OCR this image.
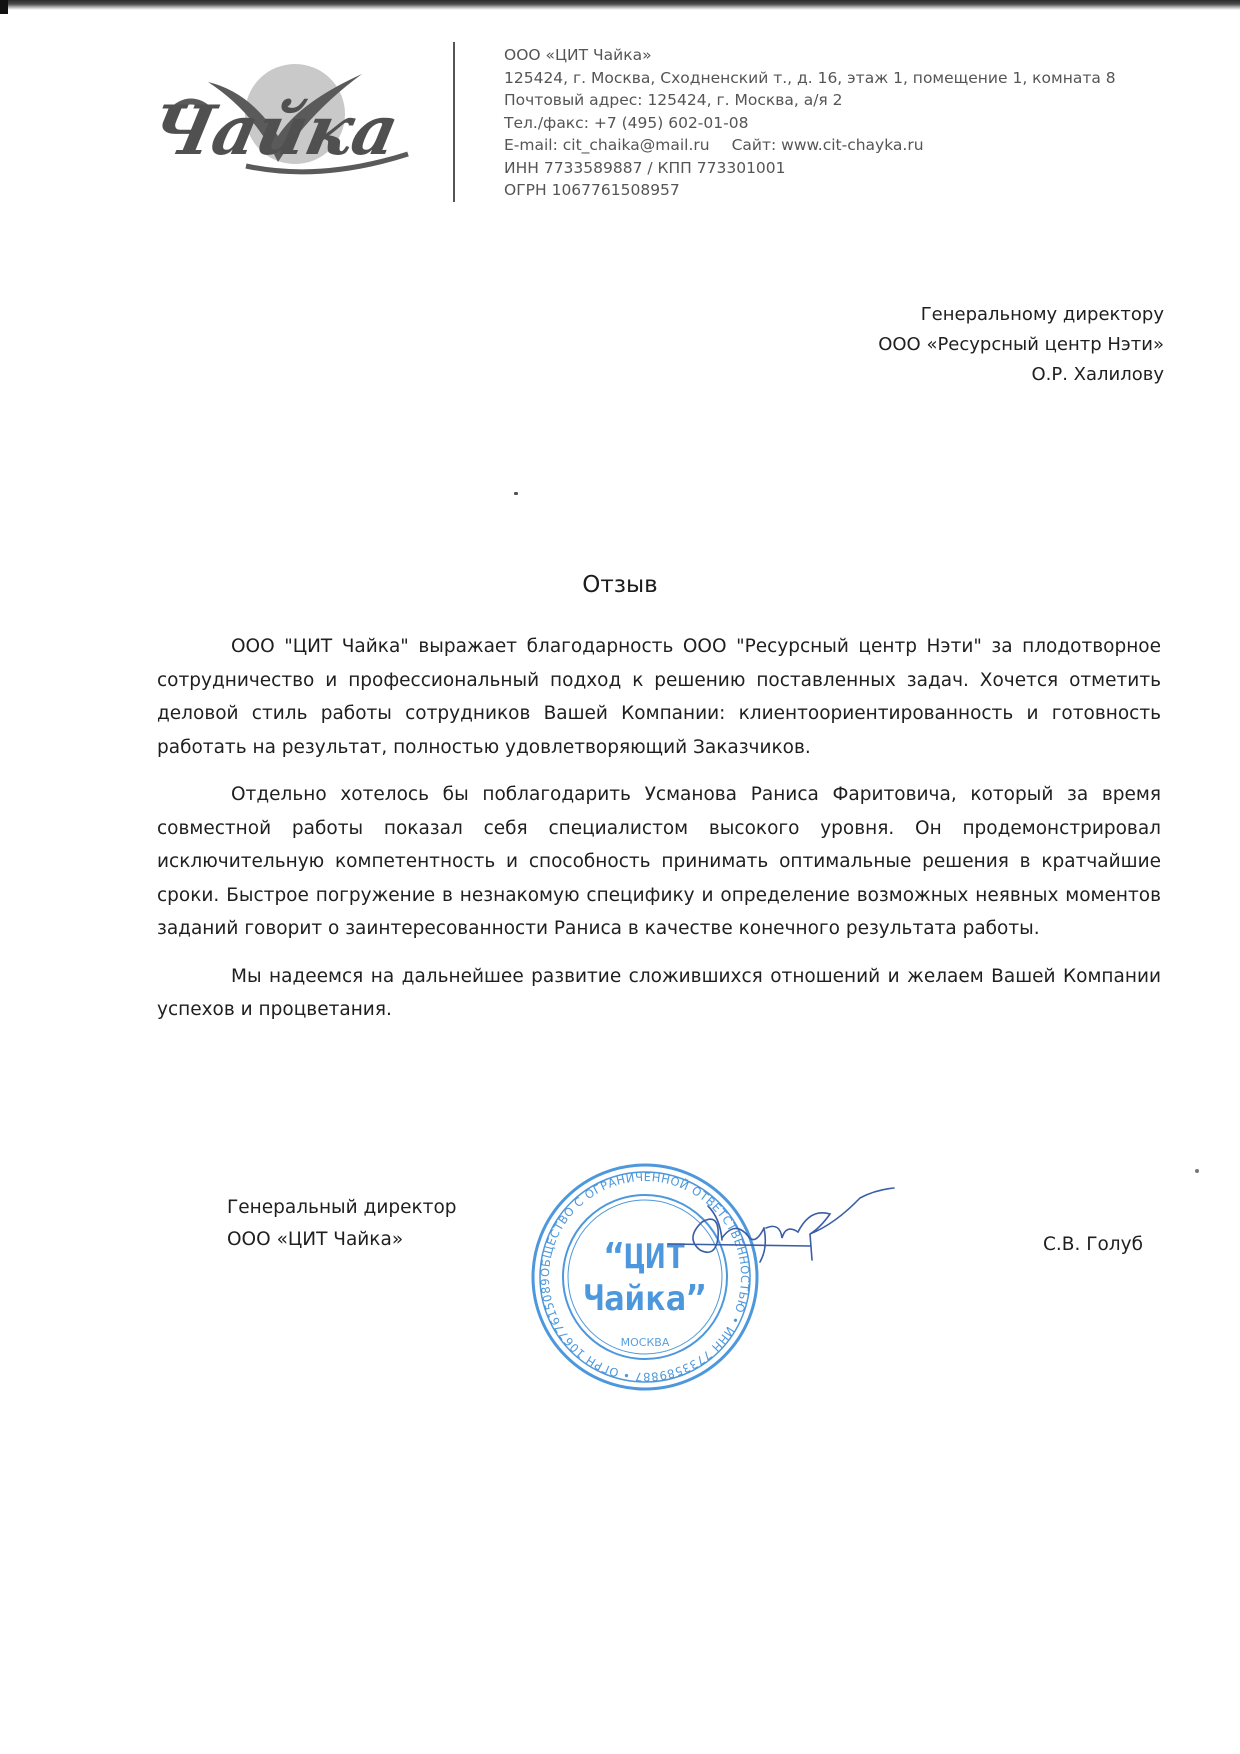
Чайка
ООО «ЦИТ Чайка»
125424, г. Москва, Сходненский т., д. 16, этаж 1, помещение 1, комната 8
Почтовый адрес: 125424, г. Москва, а/я 2
Тел./факс: +7 (495) 602-01-08
E-mail: cit_chaika@mail.ru Сайт: www.cit-chayka.ru
ИНН 7733589887 / КПП 773301001
ОГРН 1067761508957
Генеральному директору
ООО «Ресурсный центр Нэти»
О.Р. Халилову
Отзыв

ООО "ЦИТ Чайка" выражает благодарность ООО "Ресурсный центр Нэти" за плодотворное сотрудничество и профессиональный подход к решению поставленных задач. Хочется отметить деловой стиль работы сотрудников Вашей Компании: клиентоориентированность и готовность работать на результат, полностью удовлетворяющий Заказчиков.

Отдельно хотелось бы поблагодарить Усманова Раниса Фаритовича, который за время совместной работы показал себя специалистом высокого уровня. Он продемонстрировал исключительную компетентность и способность принимать оптимальные решения в кратчайшие сроки. Быстрое погружение в незнакомую специфику и определение возможных неявных моментов заданий говорит о заинтересованности Раниса в качестве конечного результата работы.

Мы надеемся на дальнейшее развитие сложившихся отношений и желаем Вашей Компании успехов и процветания.

Генеральный директор
ООО «ЦИТ Чайка»
ОБЩЕСТВО С ОГРАНИЧЕННОЙ ОТВЕТСТВЕННОСТЬЮ • ИНН 7733589887 • ОГРН 1067761508957 • МОСКВА •
“ЦИТ
Чайка”
МОСКВА
С.В. Голуб
